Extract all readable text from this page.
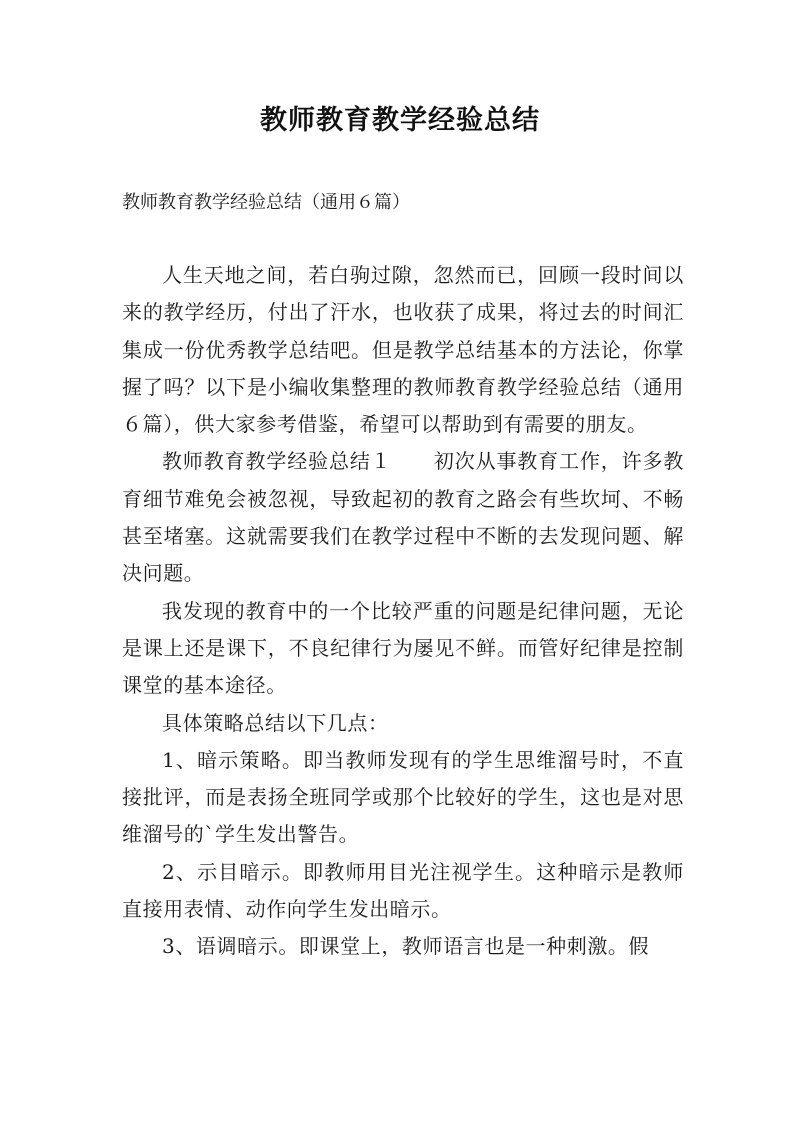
教师教育教学经验总结

教师教育教学经验总结（通用６篇）

人生天地之间，若白驹过隙，忽然而已，回顾一段时间以来的教学经历，付出了汗水，也收获了成果，将过去的时间汇集成一份优秀教学总结吧。但是教学总结基本的方法论，你掌握了吗？以下是小编收集整理的教师教育教学经验总结（通用６篇），供大家参考借鉴，希望可以帮助到有需要的朋友。

教师教育教学经验总结１ 初次从事教育工作，许多教育细节难免会被忽视，导致起初的教育之路会有些坎坷、不畅甚至堵塞。这就需要我们在教学过程中不断的去发现问题、解决问题。

我发现的教育中的一个比较严重的问题是纪律问题，无论是课上还是课下，不良纪律行为屡见不鲜。而管好纪律是控制课堂的基本途径。

具体策略总结以下几点：

1、暗示策略。即当教师发现有的学生思维溜号时，不直接批评，而是表扬全班同学或那个比较好的学生，这也是对思维溜号的`学生发出警告。

2、示目暗示。即教师用目光注视学生。这种暗示是教师直接用表情、动作向学生发出暗示。

3、语调暗示。即课堂上，教师语言也是一种刺激。假
